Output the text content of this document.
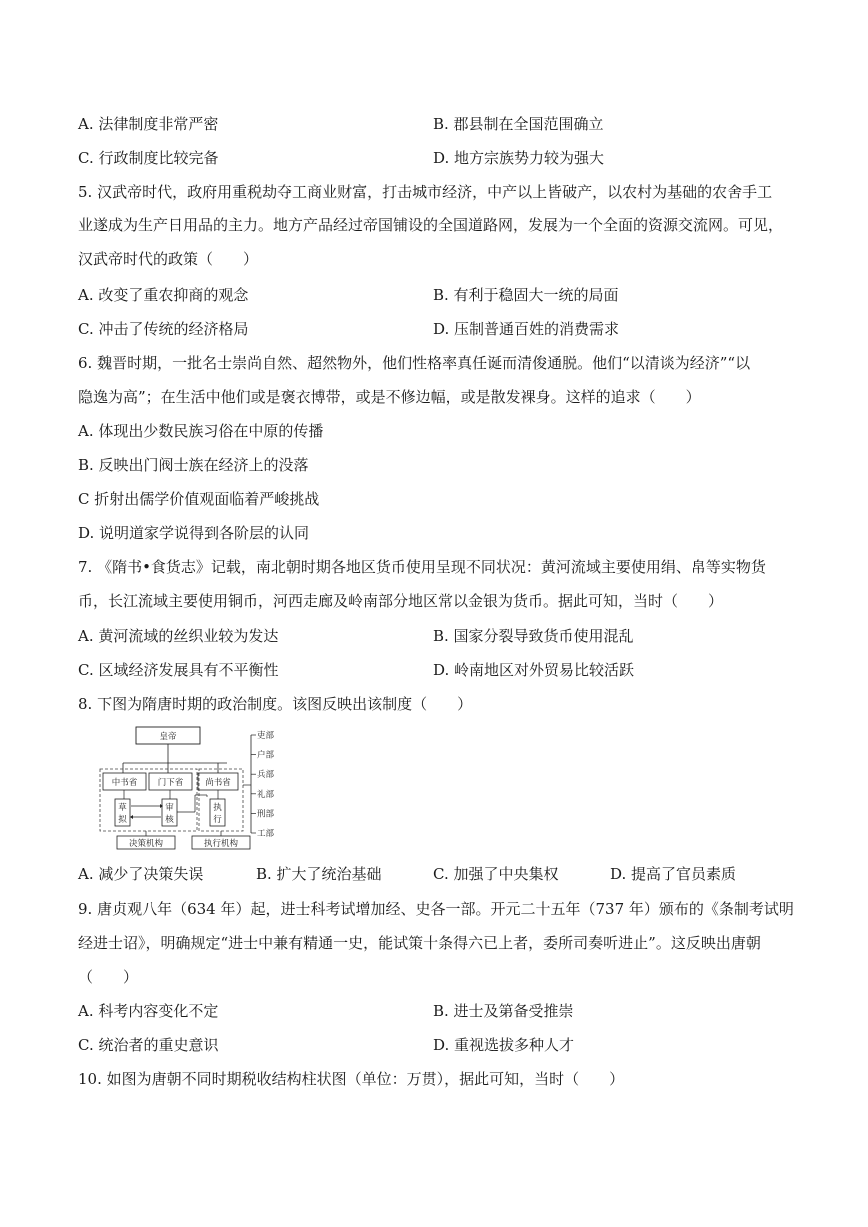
A. 法律制度非常严密	B. 郡县制在全国范围确立
C. 行政制度比较完备	D. 地方宗族势力较为强大
5. 汉武帝时代，政府用重税劫夺工商业财富，打击城市经济，中产以上皆破产，以农村为基础的农舍手工
业遂成为生产日用品的主力。地方产品经过帝国铺设的全国道路网，发展为一个全面的资源交流网。可见，
汉武帝时代的政策（　　）
A. 改变了重农抑商的观念	B. 有利于稳固大一统的局面
C. 冲击了传统的经济格局	D. 压制普通百姓的消费需求
6. 魏晋时期，一批名士崇尚自然、超然物外，他们性格率真任诞而清俊通脱。他们“以清谈为经济”“以
隐逸为高”；在生活中他们或是褒衣博带，或是不修边幅，或是散发裸身。这样的追求（　　）
A. 体现出少数民族习俗在中原的传播
B. 反映出门阀士族在经济上的没落
C 折射出儒学价值观面临着严峻挑战
D. 说明道家学说得到各阶层的认同
7. 《隋书•食货志》记载，南北朝时期各地区货币使用呈现不同状况：黄河流域主要使用绢、帛等实物货
币，长江流域主要使用铜币，河西走廊及岭南部分地区常以金银为货币。据此可知，当时（　　）
A. 黄河流域的丝织业较为发达	B. 国家分裂导致货币使用混乱
C. 区域经济发展具有不平衡性	D. 岭南地区对外贸易比较活跃
8. 下图为隋唐时期的政治制度。该图反映出该制度（　　）
皇帝
中书省 门下省	尚书省
草
拟
审
核
执
行
决策机构	执行机构
吏部
户部
兵部
礼部
刑部
工部
A. 减少了决策失误	B. 扩大了统治基础	C. 加强了中央集权	D. 提高了官员素质
9. 唐贞观八年（634 年）起，进士科考试增加经、史各一部。开元二十五年（737 年）颁布的《条制考试明
经进士诏》，明确规定“进士中兼有精通一史，能试策十条得六已上者，委所司奏听进止”。这反映出唐朝
（　　）
A. 科考内容变化不定	B. 进士及第备受推崇
C. 统治者的重史意识	D. 重视选拔多种人才
10. 如图为唐朝不同时期税收结构柱状图（单位：万贯），据此可知，当时（　　）
